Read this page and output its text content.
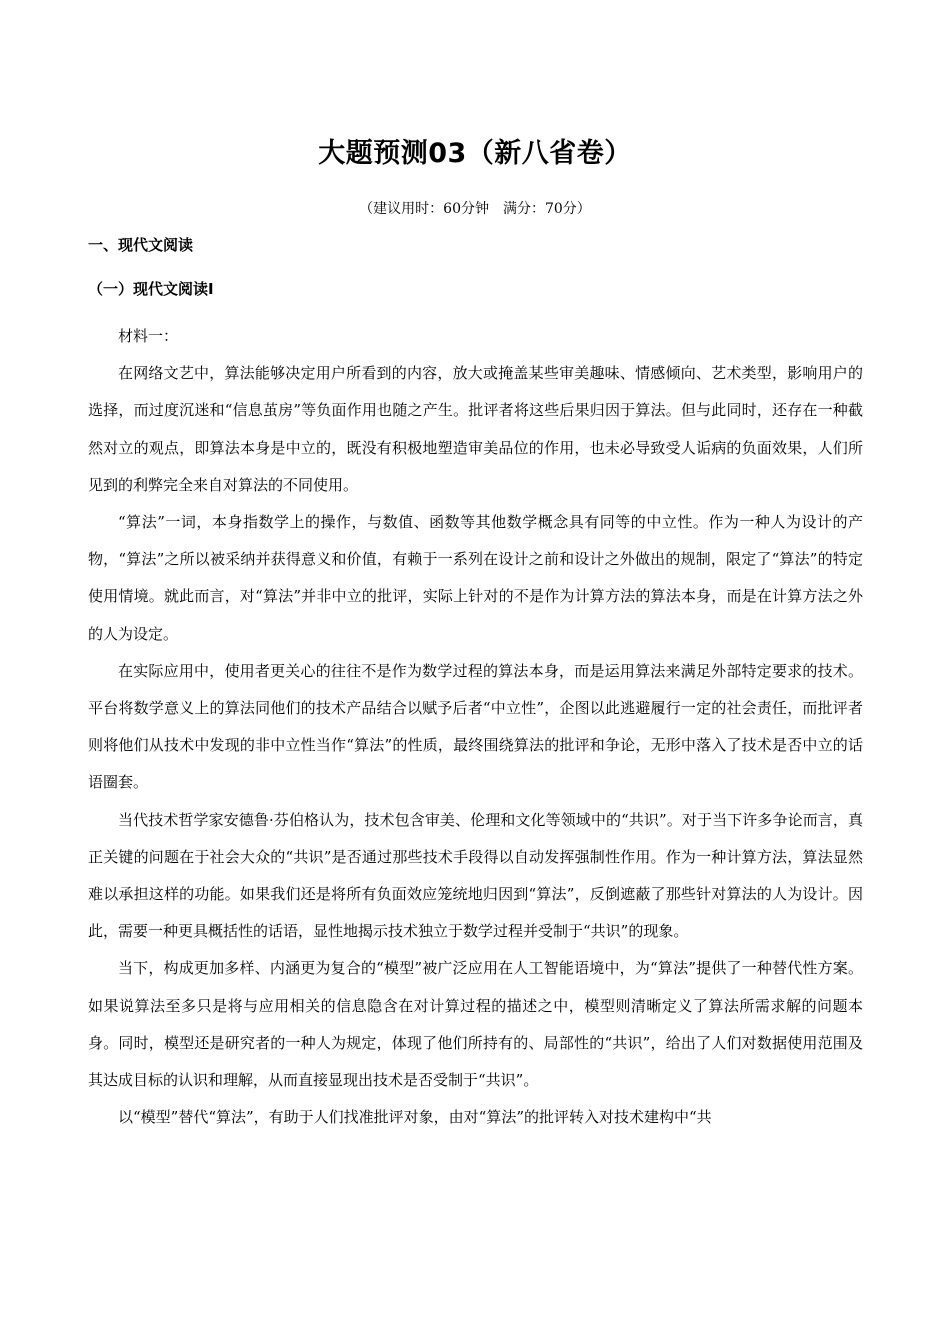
大题预测03（新八省卷）
（建议用时：60分钟　满分：70分）
一、现代文阅读
（一）现代文阅读Ⅰ

材料一：

在网络文艺中，算法能够决定用户所看到的内容，放大或掩盖某些审美趣味、情感倾向、艺术类型，影响用户的选择，而过度沉迷和“信息茧房”等负面作用也随之产生。批评者将这些后果归因于算法。但与此同时，还存在一种截然对立的观点，即算法本身是中立的，既没有积极地塑造审美品位的作用，也未必导致受人诟病的负面效果，人们所见到的利弊完全来自对算法的不同使用。

“算法”一词，本身指数学上的操作，与数值、函数等其他数学概念具有同等的中立性。作为一种人为设计的产物，“算法”之所以被采纳并获得意义和价值，有赖于一系列在设计之前和设计之外做出的规制，限定了“算法”的特定使用情境。就此而言，对“算法”并非中立的批评，实际上针对的不是作为计算方法的算法本身，而是在计算方法之外的人为设定。

在实际应用中，使用者更关心的往往不是作为数学过程的算法本身，而是运用算法来满足外部特定要求的技术。平台将数学意义上的算法同他们的技术产品结合以赋予后者“中立性”，企图以此逃避履行一定的社会责任，而批评者则将他们从技术中发现的非中立性当作“算法”的性质，最终围绕算法的批评和争论，无形中落入了技术是否中立的话语圈套。

当代技术哲学家安德鲁·芬伯格认为，技术包含审美、伦理和文化等领域中的“共识”。对于当下许多争论而言，真正关键的问题在于社会大众的“共识”是否通过那些技术手段得以自动发挥强制性作用。作为一种计算方法，算法显然难以承担这样的功能。如果我们还是将所有负面效应笼统地归因到“算法”，反倒遮蔽了那些针对算法的人为设计。因此，需要一种更具概括性的话语，显性地揭示技术独立于数学过程并受制于“共识”的现象。

当下，构成更加多样、内涵更为复合的“模型”被广泛应用在人工智能语境中，为“算法”提供了一种替代性方案。如果说算法至多只是将与应用相关的信息隐含在对计算过程的描述之中，模型则清晰定义了算法所需求解的问题本身。同时，模型还是研究者的一种人为规定，体现了他们所持有的、局部性的“共识”，给出了人们对数据使用范围及其达成目标的认识和理解，从而直接显现出技术是否受制于“共识”。

以“模型”替代“算法”，有助于人们找准批评对象，由对“算法”的批评转入对技术建构中“共
